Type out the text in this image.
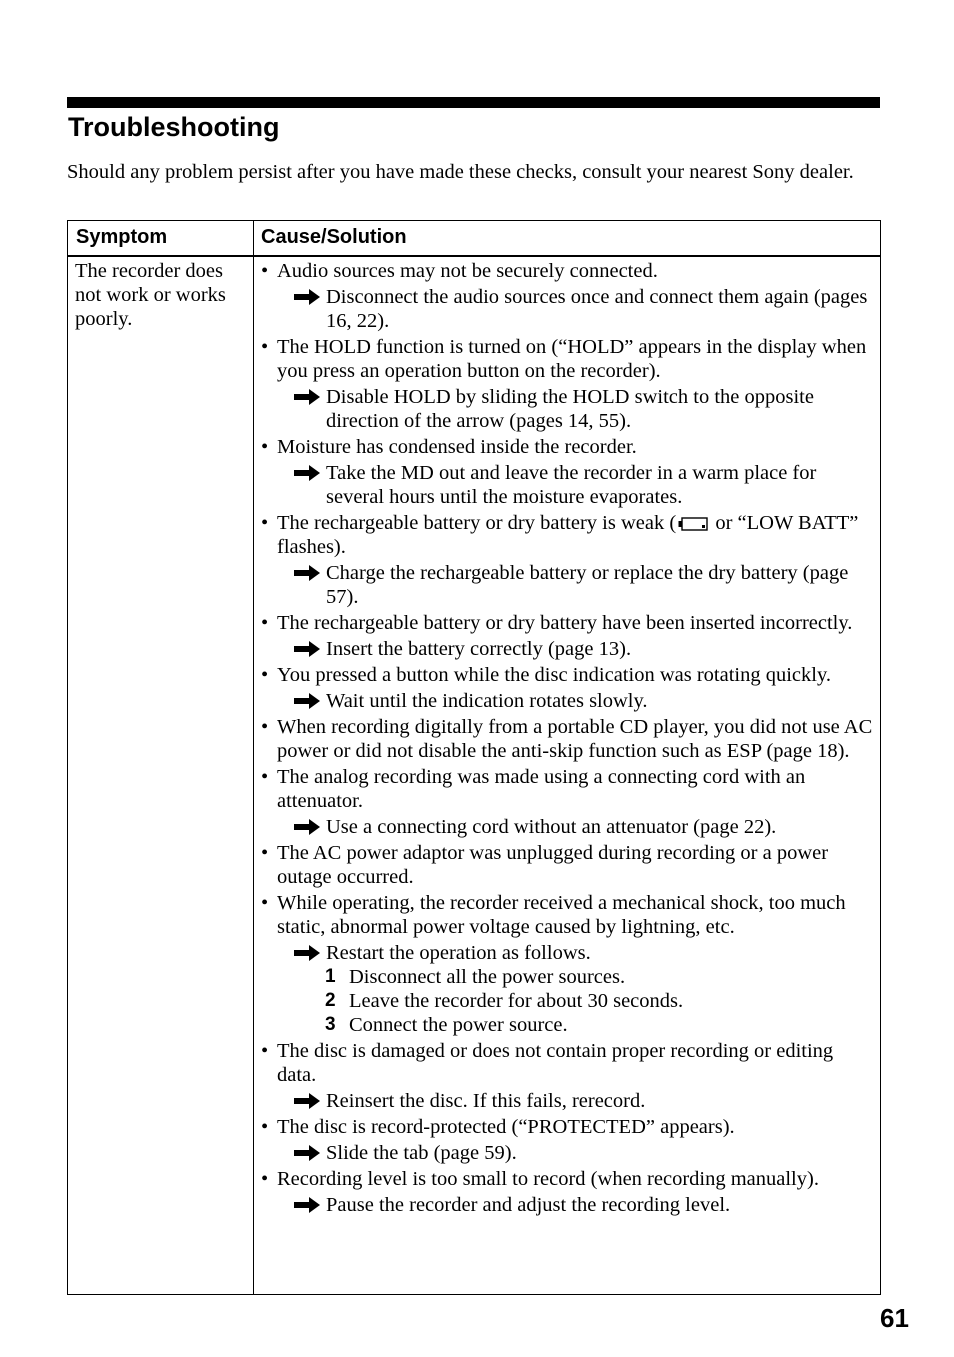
Troubleshooting

Should any problem persist after you have made these checks, consult your nearest Sony dealer.

Symptom	Cause/Solution

The recorder does not work or works poorly.

• Audio sources may not be securely connected.
Disconnect the audio sources once and connect them again (pages 16, 22).
• The HOLD function is turned on (“HOLD” appears in the display when you press an operation button on the recorder).
Disable HOLD by sliding the HOLD switch to the opposite direction of the arrow (pages 14, 55).
• Moisture has condensed inside the recorder.
Take the MD out and leave the recorder in a warm place for several hours until the moisture evaporates.
• The rechargeable battery or dry battery is weak ( or “LOW BATT” flashes).
Charge the rechargeable battery or replace the dry battery (page 57).
• The rechargeable battery or dry battery have been inserted incorrectly.
Insert the battery correctly (page 13).
• You pressed a button while the disc indication was rotating quickly.
Wait until the indication rotates slowly.
• When recording digitally from a portable CD player, you did not use AC power or did not disable the anti-skip function such as ESP (page 18).
• The analog recording was made using a connecting cord with an attenuator.
Use a connecting cord without an attenuator (page 22).
• The AC power adaptor was unplugged during recording or a power outage occurred.
• While operating, the recorder received a mechanical shock, too much static, abnormal power voltage caused by lightning, etc.
Restart the operation as follows.
1 Disconnect all the power sources.
2 Leave the recorder for about 30 seconds.
3 Connect the power source.
• The disc is damaged or does not contain proper recording or editing data.
Reinsert the disc. If this fails, rerecord.
• The disc is record-protected (“PROTECTED” appears).
Slide the tab (page 59).
• Recording level is too small to record (when recording manually).
Pause the recorder and adjust the recording level.

61
